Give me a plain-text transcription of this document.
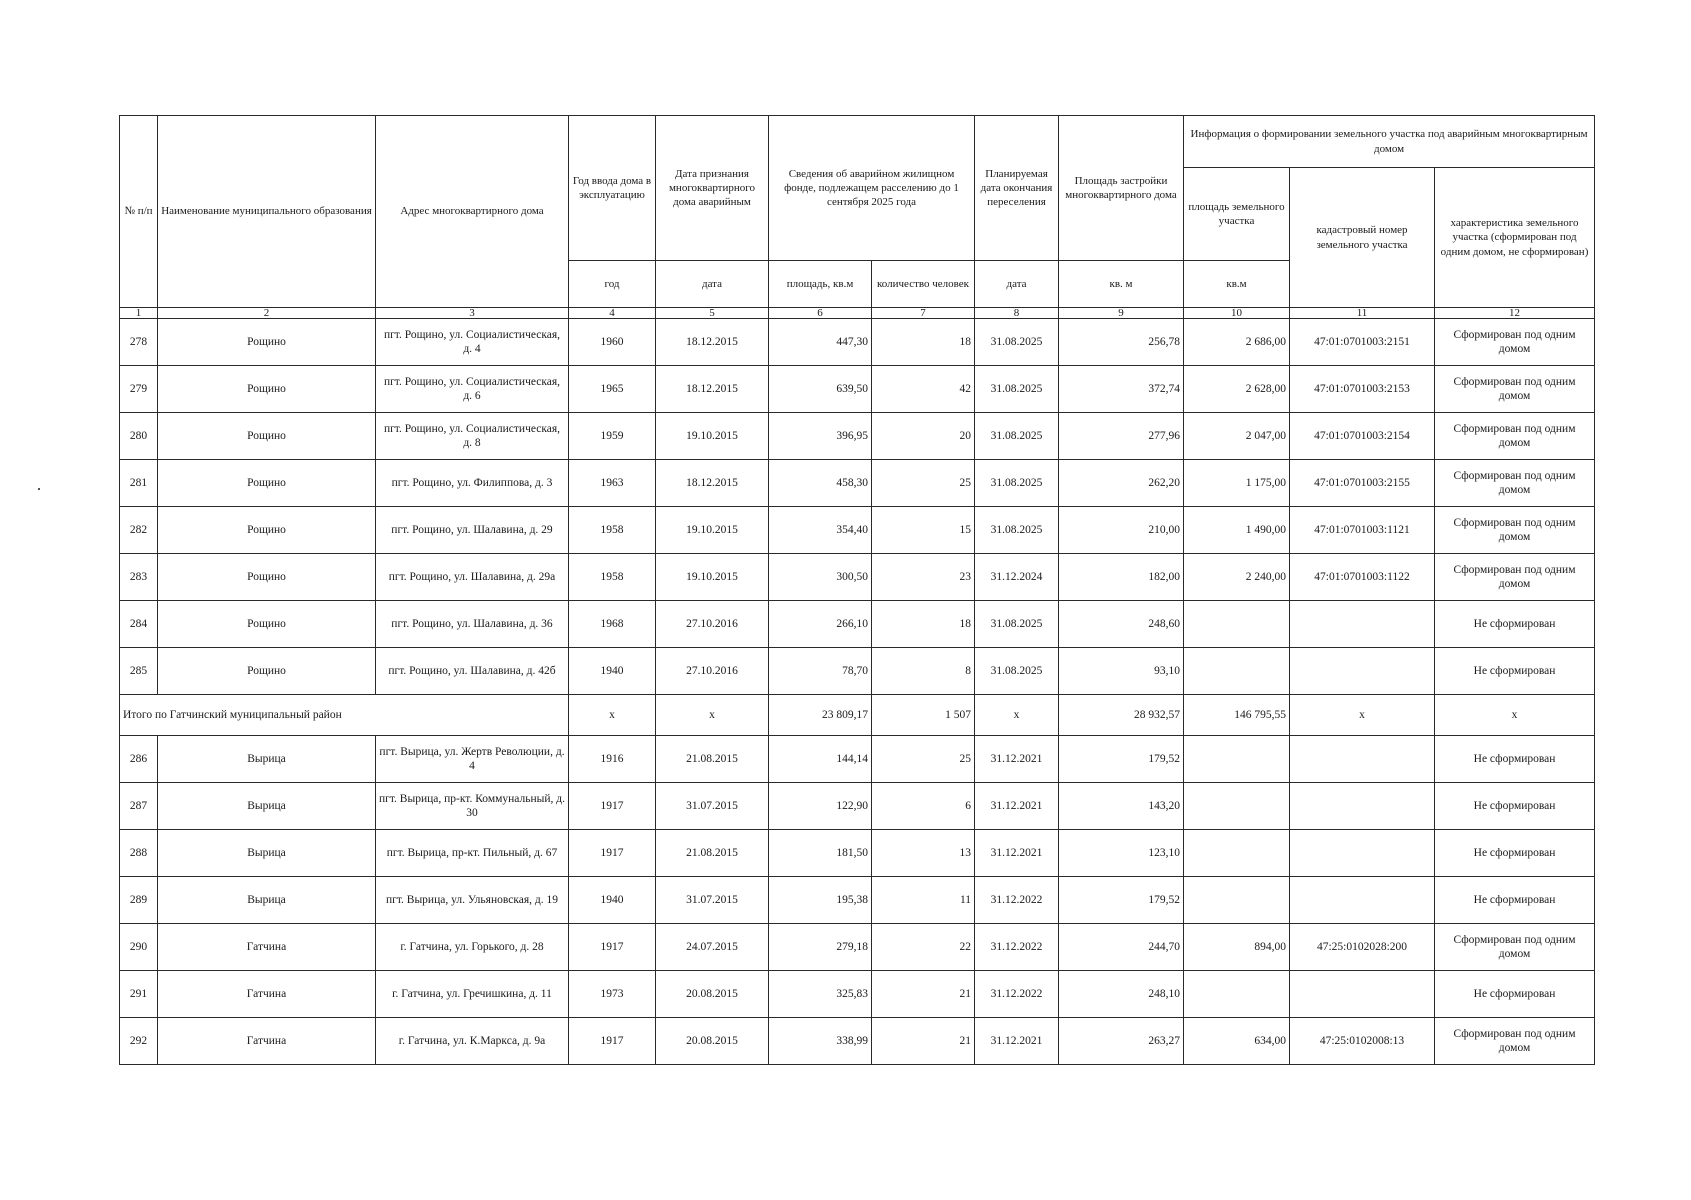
№ п/п	Наименование муниципального образования	Адрес многоквартирного дома	Год ввода дома в эксплуатацию	Дата признания многоквартирного дома аварийным	Сведения об аварийном жилищном фонде, подлежащем расселению до 1 сентября 2025 года		Планируемая дата окончания переселения	Площадь застройки многоквартирного дома	Информация о формировании земельного участка под аварийным многоквартирным домом		
									площадь земельного участка	кадастровый номер земельного участка	характеристика земельного участка (сформирован под одним домом, не сформирован)
			год	дата	площадь, кв.м	количество человек	дата	кв. м	кв.м		
1	2	3	4	5	6	7	8	9	10	11	12
278	Рощино	пгт. Рощино, ул. Социалистическая, д. 4	1960	18.12.2015	447,30	18	31.08.2025	256,78	2 686,00	47:01:0701003:2151	Сформирован под одним домом
279	Рощино	пгт. Рощино, ул. Социалистическая, д. 6	1965	18.12.2015	639,50	42	31.08.2025	372,74	2 628,00	47:01:0701003:2153	Сформирован под одним домом
280	Рощино	пгт. Рощино, ул. Социалистическая, д. 8	1959	19.10.2015	396,95	20	31.08.2025	277,96	2 047,00	47:01:0701003:2154	Сформирован под одним домом
281	Рощино	пгт. Рощино, ул. Филиппова, д. 3	1963	18.12.2015	458,30	25	31.08.2025	262,20	1 175,00	47:01:0701003:2155	Сформирован под одним домом
282	Рощино	пгт. Рощино, ул. Шалавина, д. 29	1958	19.10.2015	354,40	15	31.08.2025	210,00	1 490,00	47:01:0701003:1121	Сформирован под одним домом
283	Рощино	пгт. Рощино, ул. Шалавина, д. 29а	1958	19.10.2015	300,50	23	31.12.2024	182,00	2 240,00	47:01:0701003:1122	Сформирован под одним домом
284	Рощино	пгт. Рощино, ул. Шалавина, д. 36	1968	27.10.2016	266,10	18	31.08.2025	248,60			Не сформирован
285	Рощино	пгт. Рощино, ул. Шалавина, д. 42б	1940	27.10.2016	78,70	8	31.08.2025	93,10			Не сформирован
Итого по Гатчинский муниципальный район			x	x	23 809,17	1 507	x	28 932,57	146 795,55	x	x
286	Вырица	пгт. Вырица, ул. Жертв Революции, д. 4	1916	21.08.2015	144,14	25	31.12.2021	179,52			Не сформирован
287	Вырица	пгт. Вырица, пр-кт. Коммунальный, д. 30	1917	31.07.2015	122,90	6	31.12.2021	143,20			Не сформирован
288	Вырица	пгт. Вырица, пр-кт. Пильный, д. 67	1917	21.08.2015	181,50	13	31.12.2021	123,10			Не сформирован
289	Вырица	пгт. Вырица, ул. Ульяновская, д. 19	1940	31.07.2015	195,38	11	31.12.2022	179,52			Не сформирован
290	Гатчина	г. Гатчина, ул. Горького, д. 28	1917	24.07.2015	279,18	22	31.12.2022	244,70	894,00	47:25:0102028:200	Сформирован под одним домом
291	Гатчина	г. Гатчина, ул. Гречишкина, д. 11	1973	20.08.2015	325,83	21	31.12.2022	248,10			Не сформирован
292	Гатчина	г. Гатчина, ул. К.Маркса, д. 9а	1917	20.08.2015	338,99	21	31.12.2021	263,27	634,00	47:25:0102008:13	Сформирован под одним домом
